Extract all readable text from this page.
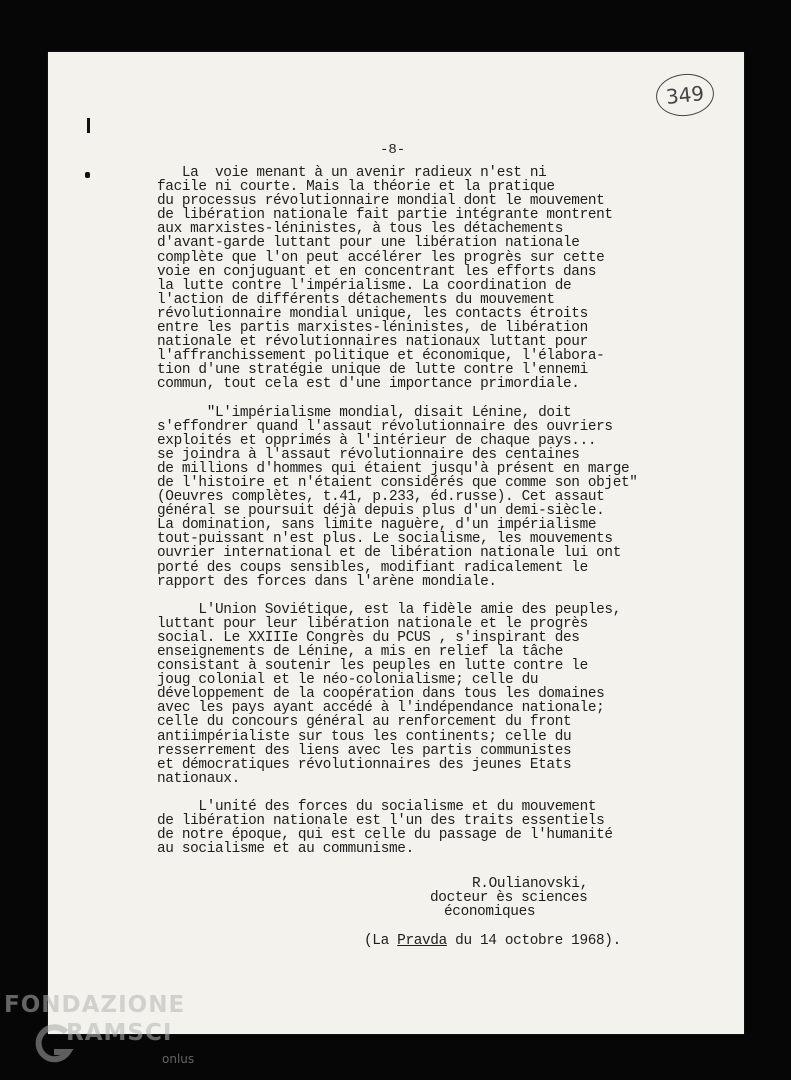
-8-
349
La  voie menant à un avenir radieux n'est ni
facile ni courte. Mais la théorie et la pratique
du processus révolutionnaire mondial dont le mouvement
de libération nationale fait partie intégrante montrent
aux marxistes-léninistes, à tous les détachements
d'avant-garde luttant pour une libération nationale
complète que l'on peut accélérer les progrès sur cette
voie en conjuguant et en concentrant les efforts dans
la lutte contre l'impérialisme. La coordination de
l'action de différents détachements du mouvement
révolutionnaire mondial unique, les contacts étroits
entre les partis marxistes-léninistes, de libération
nationale et révolutionnaires nationaux luttant pour
l'affranchissement politique et économique, l'élabora-
tion d'une stratégie unique de lutte contre l'ennemi
commun, tout cela est d'une importance primordiale.
"L'impérialisme mondial, disait Lénine, doit
s'effondrer quand l'assaut révolutionnaire des ouvriers
exploités et opprimés à l'intérieur de chaque pays...
se joindra à l'assaut révolutionnaire des centaines
de millions d'hommes qui étaient jusqu'à présent en marge
de l'histoire et n'étaient considérés que comme son objet"
(Oeuvres complètes, t.41, p.233, éd.russe). Cet assaut
général se poursuit déjà depuis plus d'un demi-siècle.
La domination, sans limite naguère, d'un impérialisme
tout-puissant n'est plus. Le socialisme, les mouvements
ouvrier international et de libération nationale lui ont
porté des coups sensibles, modifiant radicalement le
rapport des forces dans l'arène mondiale.
L'Union Soviétique, est la fidèle amie des peuples,
luttant pour leur libération nationale et le progrès
social. Le XXIIIe Congrès du PCUS , s'inspirant des
enseignements de Lénine, a mis en relief la tâche
consistant à soutenir les peuples en lutte contre le
joug colonial et le néo-colonialisme; celle du
développement de la coopération dans tous les domaines
avec les pays ayant accédé à l'indépendance nationale;
celle du concours général au renforcement du front
antiimpérialiste sur tous les continents; celle du
resserrement des liens avec les partis communistes
et démocratiques révolutionnaires des jeunes Etats
nationaux.
L'unité des forces du socialisme et du mouvement
de libération nationale est l'un des traits essentiels
de notre époque, qui est celle du passage de l'humanité
au socialisme et au communisme.
R.Oulianovski,
docteur ès sciences
économiques
(La Pravda du 14 octobre 1968).
FONDAZIONE
RAMSCI
onlus
